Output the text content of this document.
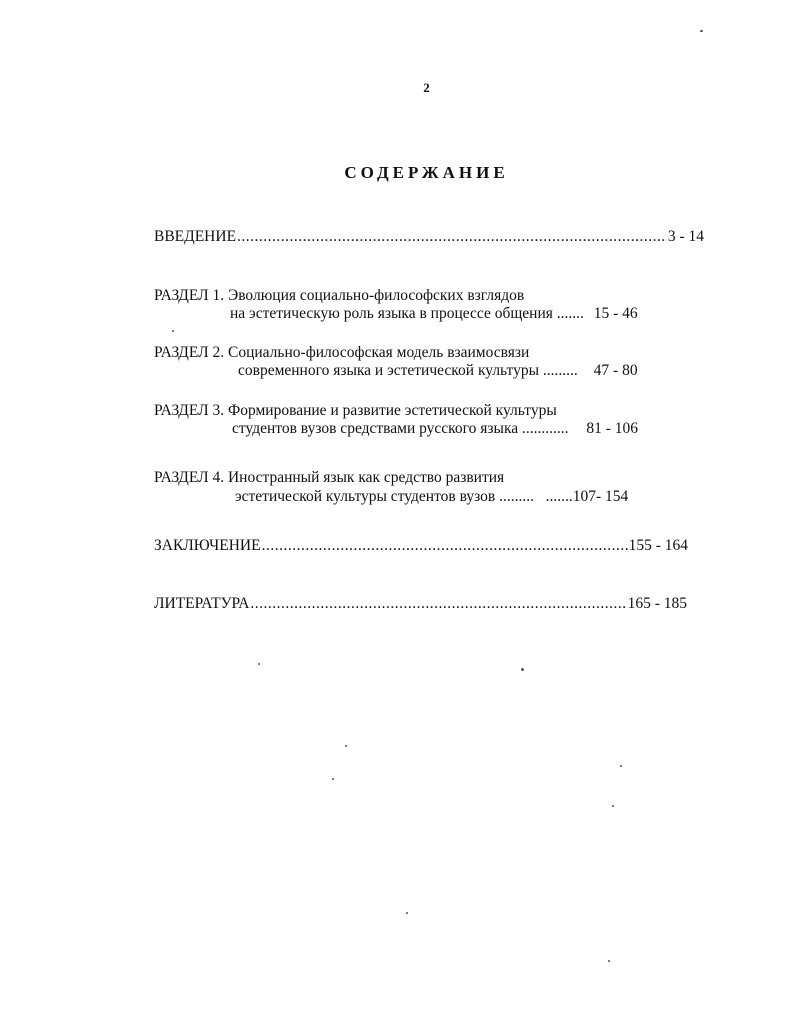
2
СОДЕРЖАНИЕ
ВВЕДЕНИЕ .....	3 - 14
РАЗДЕЛ 1. Эволюция социально-философских взглядов
на эстетическую роль языка в процессе общения ....... 15 - 46
РАЗДЕЛ 2. Социально-философская модель взаимосвязи
современного языка и эстетической культуры ......... 47 - 80
РАЗДЕЛ 3. Формирование и развитие эстетической культуры
студентов вузов средствами русского языка ............ 81 - 106
РАЗДЕЛ 4. Иностранный язык как средство развития
эстетической культуры студентов вузов .........   .......107- 154
ЗАКЛЮЧЕНИЕ .....	155 - 164
ЛИТЕРАТУРА .....	165 - 185
